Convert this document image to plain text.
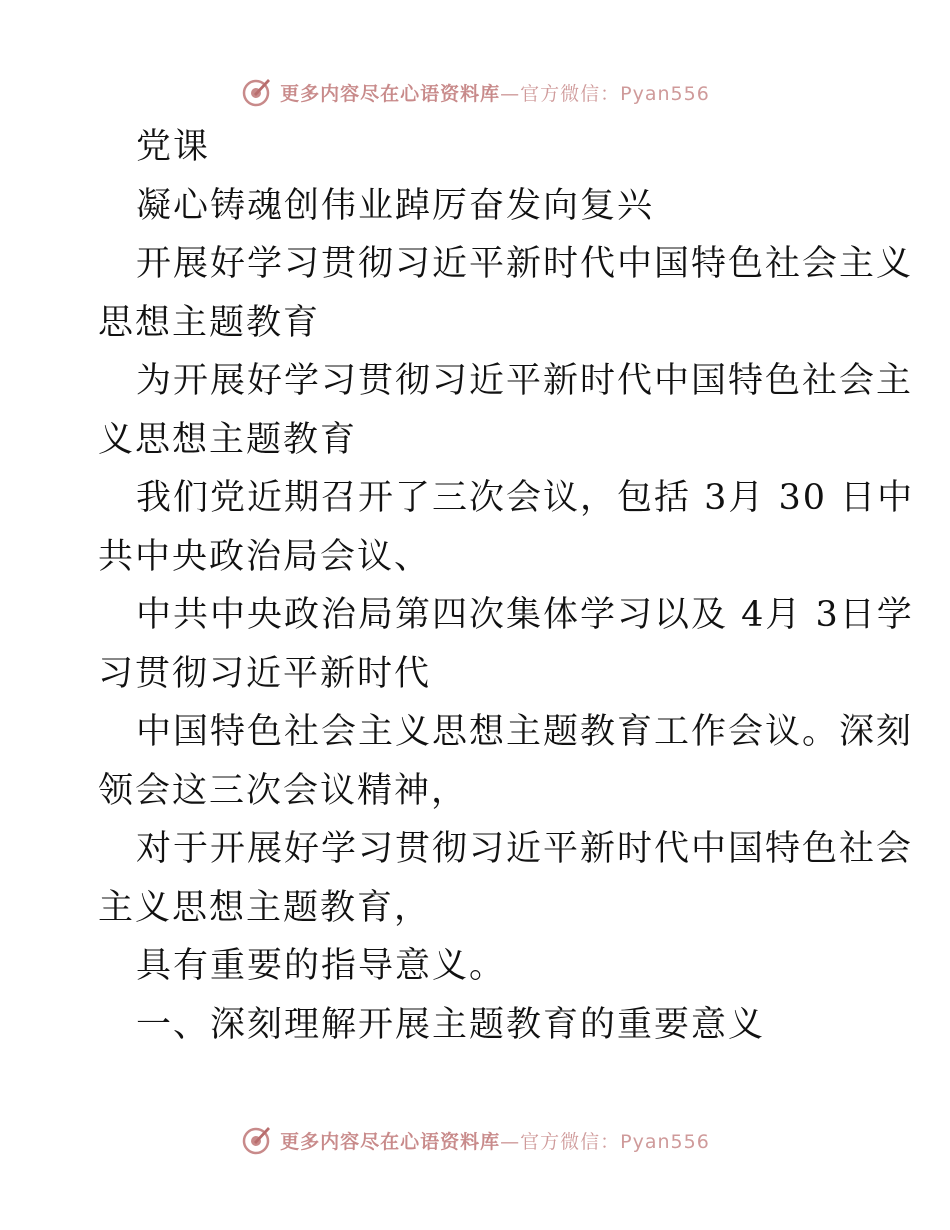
更多内容尽在心语资料库—官方微信：Pyan556
党课
凝心铸魂创伟业踔厉奋发向复兴
开展好学习贯彻习近平新时代中国特色社会主义
思想主题教育
为开展好学习贯彻习近平新时代中国特色社会主
义思想主题教育
我们党近期召开了三次会议，包括 3月 30 日中
共中央政治局会议、
中共中央政治局第四次集体学习以及 4月 3日学
习贯彻习近平新时代
中国特色社会主义思想主题教育工作会议。深刻
领会这三次会议精神，
对于开展好学习贯彻习近平新时代中国特色社会
主义思想主题教育，
具有重要的指导意义。
一、深刻理解开展主题教育的重要意义
更多内容尽在心语资料库—官方微信：Pyan556
